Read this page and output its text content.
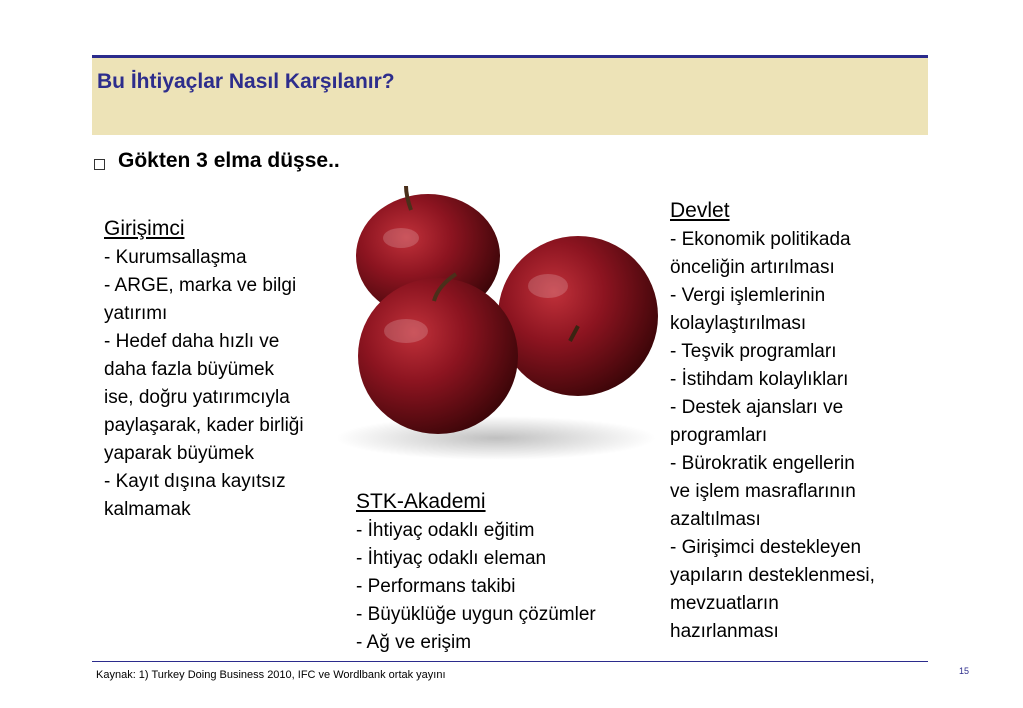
Bu İhtiyaçlar Nasıl Karşılanır?
Gökten 3 elma düşse..
Girişimci
- Kurumsallaşma
- ARGE, marka ve bilgi
yatırımı
- Hedef daha hızlı ve
daha fazla büyümek
ise, doğru yatırımcıyla
paylaşarak, kader birliği
yaparak büyümek
- Kayıt dışına kayıtsız
kalmamak
Devlet
- Ekonomik politikada
önceliğin artırılması
- Vergi işlemlerinin
kolaylaştırılması
- Teşvik programları
- İstihdam kolaylıkları
- Destek ajansları ve
programları
- Bürokratik engellerin
ve işlem masraflarının
azaltılması
- Girişimci destekleyen
yapıların desteklenmesi,
mevzuatların
hazırlanması
STK-Akademi
- İhtiyaç odaklı eğitim
- İhtiyaç odaklı eleman
- Performans takibi
- Büyüklüğe uygun çözümler
- Ağ ve erişim
Kaynak: 1) Turkey Doing Business 2010, IFC ve Wordlbank ortak yayını	15
